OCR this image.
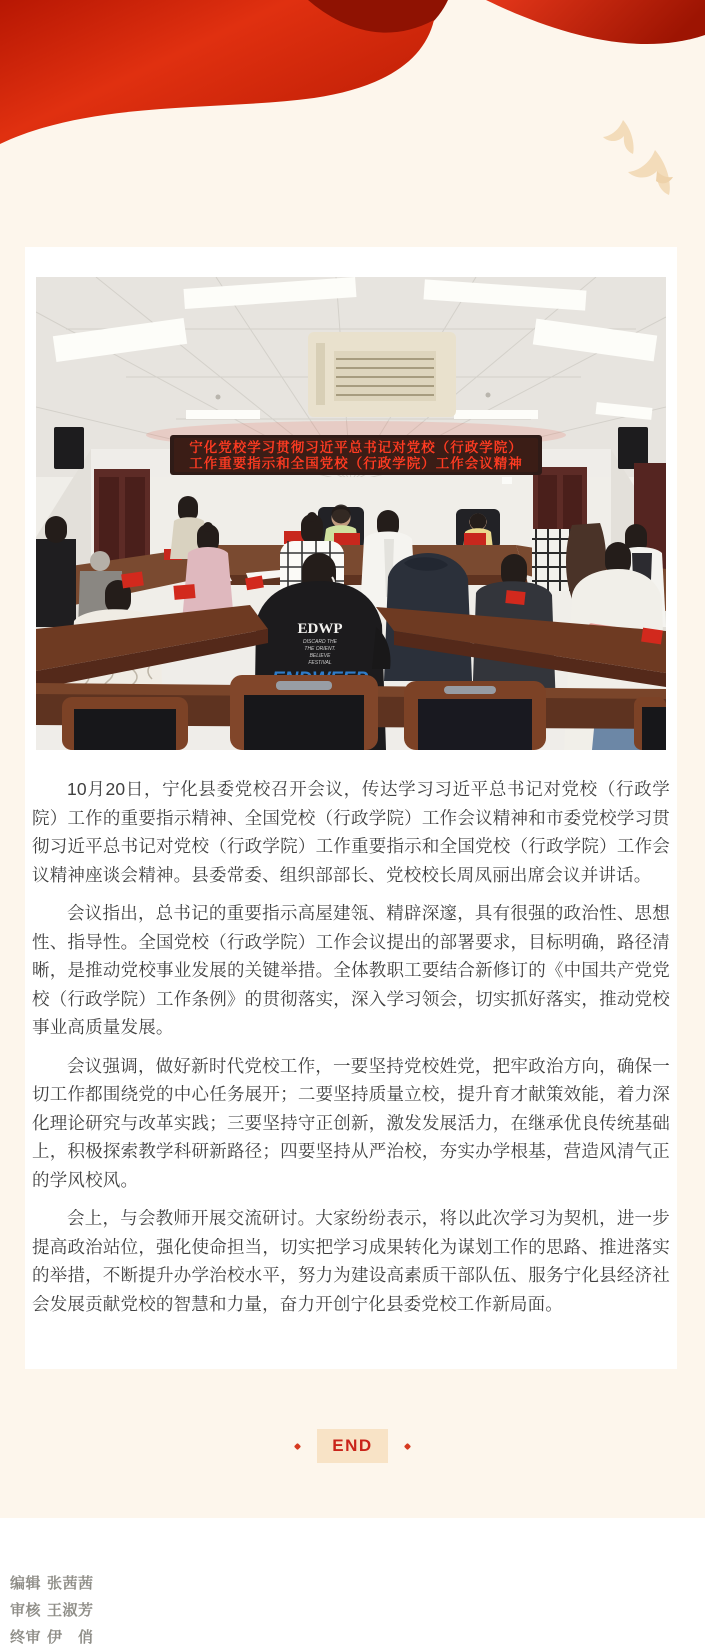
宁化党校学习贯彻习近平总书记对党校（行政学院）
工作重要指示和全国党校（行政学院）工作会议精神
EDWP
DISCARD THE
THE ORIENT.
BELIEVE
FESTIVAL

10月20日，宁化县委党校召开会议，传达学习习近平总书记对党校（行政学院）工作的重要指示精神、全国党校（行政学院）工作会议精神和市委党校学习贯彻习近平总书记对党校（行政学院）工作重要指示和全国党校（行政学院）工作会议精神座谈会精神。县委常委、组织部部长、党校校长周凤丽出席会议并讲话。

会议指出，总书记的重要指示高屋建瓴、精辟深邃，具有很强的政治性、思想性、指导性。全国党校（行政学院）工作会议提出的部署要求，目标明确，路径清晰，是推动党校事业发展的关键举措。全体教职工要结合新修订的《中国共产党党校（行政学院）工作条例》的贯彻落实，深入学习领会，切实抓好落实，推动党校事业高质量发展。

会议强调，做好新时代党校工作，一要坚持党校姓党，把牢政治方向，确保一切工作都围绕党的中心任务展开；二要坚持质量立校，提升育才献策效能，着力深化理论研究与改革实践；三要坚持守正创新，激发发展活力，在继承优良传统基础上，积极探索教学科研新路径；四要坚持从严治校，夯实办学根基，营造风清气正的学风校风。

会上，与会教师开展交流研讨。大家纷纷表示，将以此次学习为契机，进一步提高政治站位，强化使命担当，切实把学习成果转化为谋划工作的思路、推进落实的举措，不断提升办学治校水平，努力为建设高素质干部队伍、服务宁化县经济社会发展贡献党校的智慧和力量，奋力开创宁化县委党校工作新局面。

END
编辑 张茜茜
审核 王淑芳
终审 伊　俏
